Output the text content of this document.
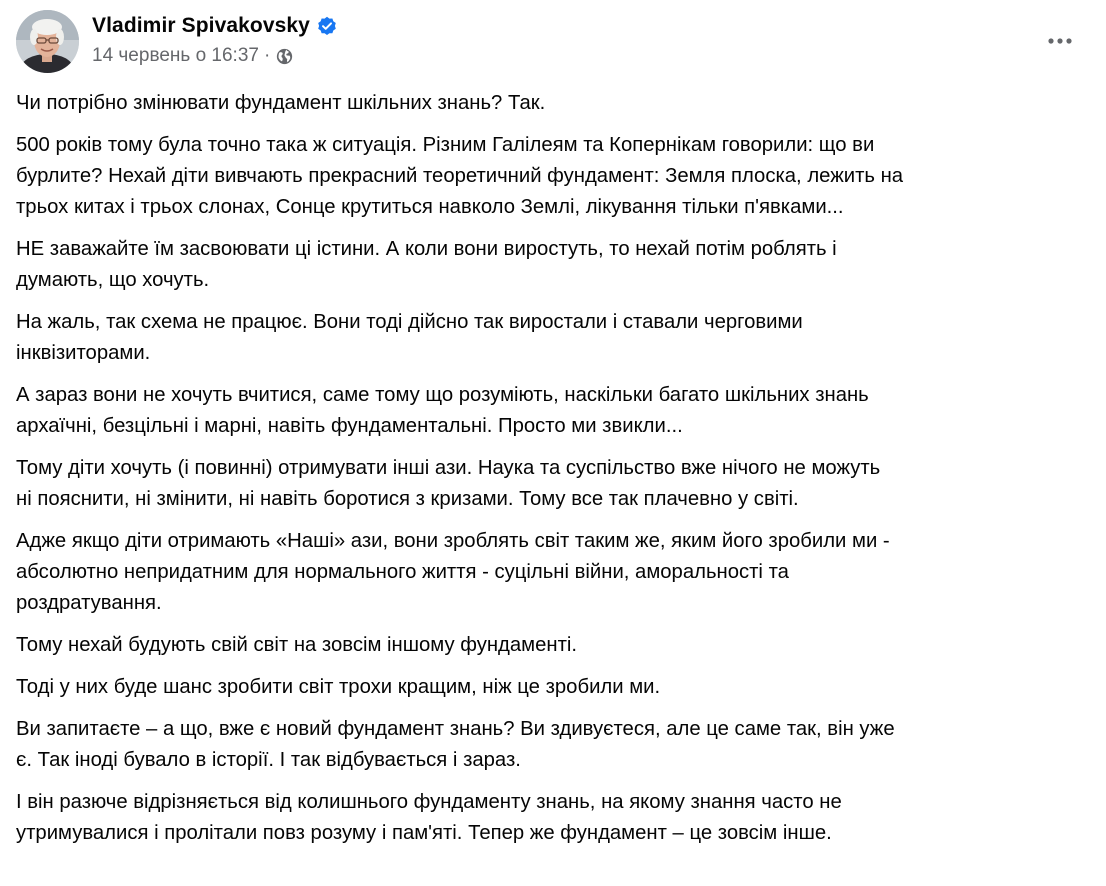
Vladimir Spivakovsky
14 червень о 16:37 ·

Чи потрібно змінювати фундамент шкільних знань? Так.

500 років тому була точно така ж ситуація. Різним Галілеям та Копернікам говорили: що ви
бурлите? Нехай діти вивчають прекрасний теоретичний фундамент: Земля плоска, лежить на
трьох китах і трьох слонах, Сонце крутиться навколо Землі, лікування тільки п'явками...

НЕ заважайте їм засвоювати ці істини. А коли вони виростуть, то нехай потім роблять і
думають, що хочуть.

На жаль, так схема не працює. Вони тоді дійсно так виростали і ставали черговими
інквізиторами.

А зараз вони не хочуть вчитися, саме тому що розуміють, наскільки багато шкільних знань
архаїчні, безцільні і марні, навіть фундаментальні. Просто ми звикли...

Тому діти хочуть (і повинні) отримувати інші ази. Наука та суспільство вже нічого не можуть
ні пояснити, ні змінити, ні навіть боротися з кризами. Тому все так плачевно у світі.

Адже якщо діти отримають «Наші» ази, вони зроблять світ таким же, яким його зробили ми -
абсолютно непридатним для нормального життя - суцільні війни, аморальності та
роздратування.

Тому нехай будують свій світ на зовсім іншому фундаменті.

Тоді у них буде шанс зробити світ трохи кращим, ніж це зробили ми.

Ви запитаєте – а що, вже є новий фундамент знань? Ви здивуєтеся, але це саме так, він уже
є. Так іноді бувало в історії. І так відбувається і зараз.

І він разюче відрізняється від колишнього фундаменту знань, на якому знання часто не
утримувалися і пролітали повз розуму і пам'яті. Тепер же фундамент – це зовсім інше.
